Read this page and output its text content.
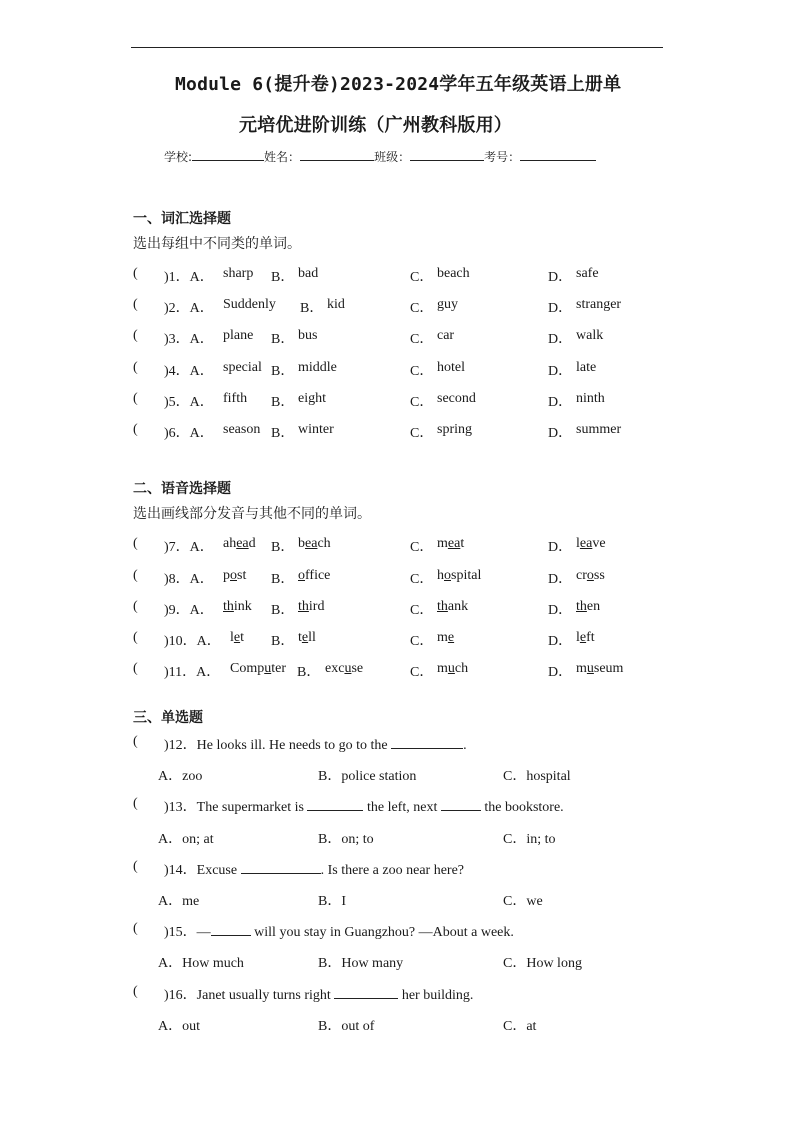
Module 6(提升卷)2023-2024学年五年级英语上册单
元培优进阶训练（广州教科版用）
学校:	姓名：	班级：	考号：
一、词汇选择题
选出每组中不同类的单词。
( )1．A． sharp B． bad	C． beach	D． safe
( )2．A． Suddenly B． kid	C． guy	D． stranger
( )3．A． plane B． bus	C． car	D． walk
( )4．A． special B． middle	C． hotel	D． late
( )5．A． fifth B． eight	C． second	D． ninth
( )6．A． season B． winter	C． spring	D． summer
二、语音选择题
选出画线部分发音与其他不同的单词。
( )7．A． ahead B． beach	C． meat	D． leave
( )8．A． post B． office	C． hospital	D． cross
( )9．A． think B． third	C． thank	D． then
( )10．A． let B． tell	C． me	D． left
( )11．A． Computer B． excuse	C． much	D． museum
三、单选题
( )12．He looks ill. He needs to go to the	.
A．zoo	B．police station	C．hospital
( )13．The supermarket is	the left, next	the bookstore.
A．on; at	B．on; to	C．in; to
( )14．Excuse	. Is there a zoo near here?
A．me	B．I	C．we
( )15．—	will you stay in Guangzhou? —About a week.
A．How much	B．How many	C．How long
( )16．Janet usually turns right	her building.
A．out	B．out of	C．at
